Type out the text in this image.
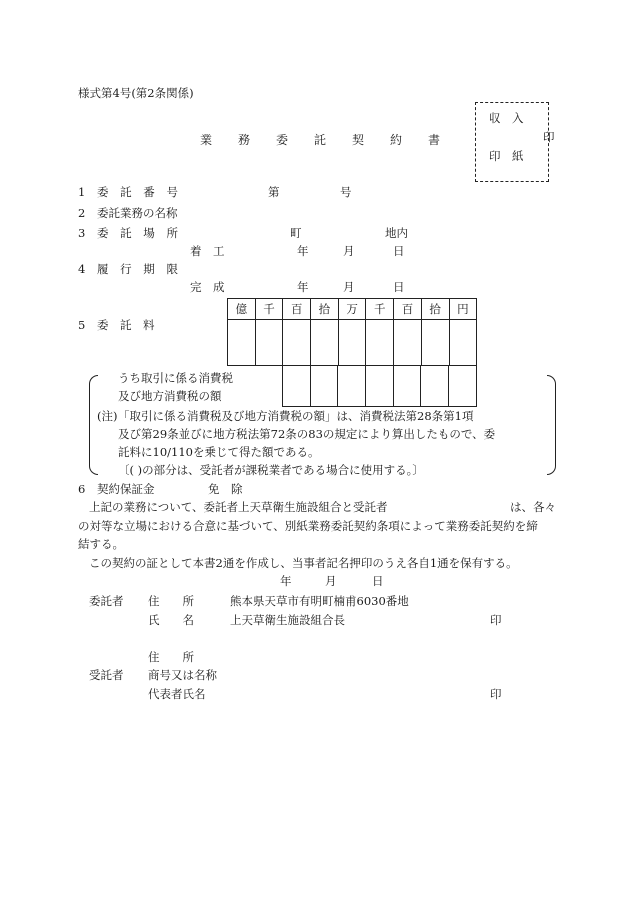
様式第4号(第2条関係)
業務委託契約書
収　入
印
印　紙
1 委 託 番 号	第	号
2 委託業務の名称
3 委 託 場 所	町	地内
着　工	年	月	日
4 履 行 期 限
完　成	年	月	日
億	千	百	拾	万	千	百	拾	円

5 委　託　料
うち取引に係る消費税
及び地方消費税の額

(注) 「取引に係る消費税及び地方消費税の額」は、消費税法第28条第1項
及び第29条並びに地方税法第72条の83の規定により算出したもので、委
託料に10/110を乗じて得た額である。
〔( )の部分は、受託者が課税業者である場合に使用する。〕
6 契約保証金	免　除
上記の業務について、委託者上天草衛生施設組合と受託者	は、各々
の対等な立場における合意に基づいて、別紙業務委託契約条項によって業務委託契約を締
結する。
この契約の証として本書2通を作成し、当事者記名押印のうえ各自1通を保有する。
年	月	日
委託者 住　　所	熊本県天草市有明町楠甫6030番地
氏　　名	上天草衛生施設組合長	印
住　　所
受託者 商号又は名称
代表者氏名	印
